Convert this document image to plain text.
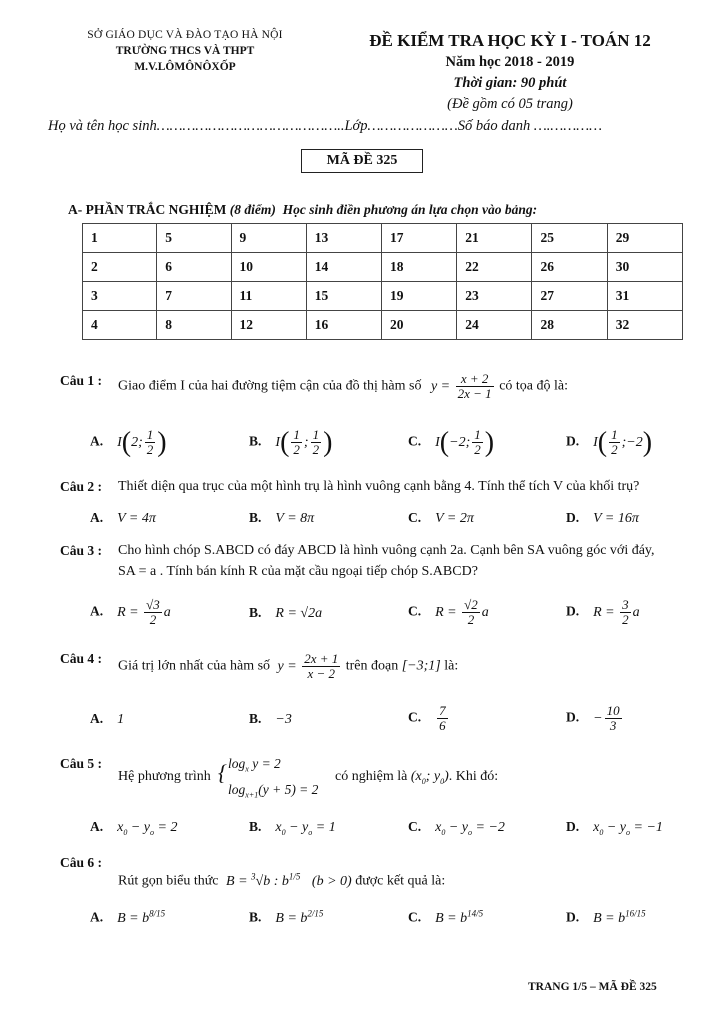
SỞ GIÁO DỤC VÀ ĐÀO TẠO HÀ NỘI
TRƯỜNG THCS VÀ THPT
M.V.LÔMÔNÔXỐP
ĐỀ KIỂM TRA HỌC KỲ I - TOÁN 12
Năm học 2018 - 2019
Thời gian: 90 phút
(Đề gồm có 05 trang)
Họ và tên học sinh……………………………………..Lớp…………………Số báo danh ….…………
MÃ ĐỀ 325
A- PHẦN TRẮC NGHIỆM (8 điểm) Học sinh điền phương án lựa chọn vào bảng:
1	5	9	13	17	21	25	29
2	6	10	14	18	22	26	30
3	7	11	15	19	23	27	31
4	8	12	16	20	24	28	32
Câu 1 : Giao điểm I của hai đường tiệm cận của đồ thị hàm số $y = \frac{x + 2}{2x - 1}$ có tọa độ là:
A. I(2; $\frac{1}{2}$ )	B. $I( \frac{1}{2}$ ; $\frac{1}{2}$ )	C. I(−2; $\frac{1}{2}$ )	D. $I( \frac{1}{2}$ ;−2)
Câu 2 : Thiết diện qua trục của một hình trụ là hình vuông cạnh bằng 4. Tính thể tích V của khối trụ?
A. V = 4π	B. V = 8π	C. V = 2π	D. V = 16π
Câu 3 : Cho hình chóp S.ABCD có đáy ABCD là hình vuông cạnh 2a. Cạnh bên SA vuông góc với đáy,
SA = a . Tính bán kính R của mặt cầu ngoại tiếp chóp S.ABCD?
A. $R = \frac{√3}{2}$ a	B. R = √2a	C. $R = \frac{√2}{2}$ a	D. $R = \frac{3}{2}$ a
Câu 4 :
Giá trị lớn nhất của hàm số $y = \frac{2x + 1}{x - 2}$ trên đoạn [−3;1] là:
A. 1	B. −3	C. $\frac{7}{6}$	D. − $\frac{10}{3}$
Câu 5 :
Hệ phương trình { $\log_x y = 2$
$\log_{x+1}(y + 5) = 2$
có nghiệm là ($x_0$; $y_0$). Khi đó:
A. $x_0 - y_o = 2$	B. $x_0 - y_o = 1$	C. $x_0 - y_o = -2$	D. $x_0 - y_o = -1$
Câu 6 :
Rút gọn biểu thức B = $^3$√b : $b^{1/5}$ (b > 0) được kết quả là:
A. $B = b^{8/15}$	B. $B = b^{2/15}$	C. $B = b^{14/5}$	D. $B = b^{16/15}$
TRANG 1/5 – MÃ ĐỀ 325
